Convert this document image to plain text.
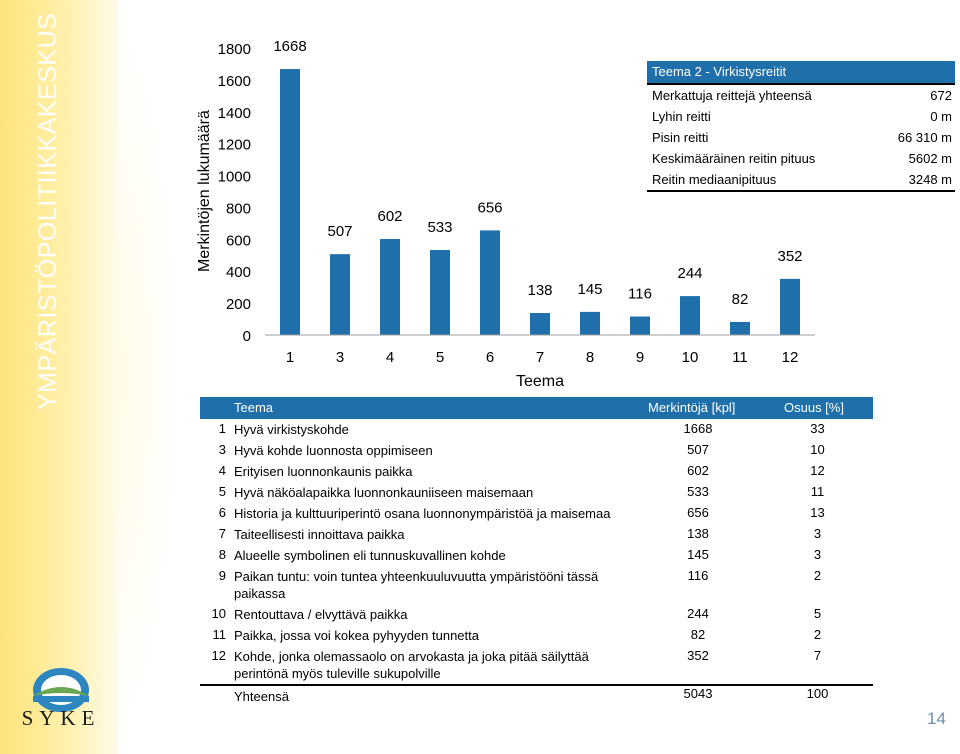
YMPÄRISTÖPOLITIIKKAKESKUS
SYKE
Merkintöjen lukumäärä
0
200
400
600
800
1000
1200
1400
1600
1800 1668
507
602
533
656
138 145 116
244
82
352
1	3	4	5	6	7	8	9 10 11 12
Teema
Teema 2 - Virkistysreitit
Merkattuja reittejä yhteensä	672
Lyhin reitti	0 m
Pisin reitti	66 310 m
Keskimääräinen reitin pituus	5602 m
Reitin mediaanipituus	3248 m
Teema	Merkintöjä [kpl]	Osuus [%]
1 Hyvä virkistyskohde	1668	33
3 Hyvä kohde luonnosta oppimiseen	507	10
4 Erityisen luonnonkaunis paikka	602	12
5 Hyvä näköalapaikka luonnonkauniiseen maisemaan	533	11
6 Historia ja kulttuuriperintö osana luonnonympäristöä ja maisemaa	656	13
7 Taiteellisesti innoittava paikka	138	3
8 Alueelle symbolinen eli tunnuskuvallinen kohde	145	3
9 Paikan tuntu: voin tuntea yhteenkuuluvuutta ympäristööni tässä paikassa
116	2
10 Rentouttava / elvyttävä paikka	244	5
11 Paikka, jossa voi kokea pyhyyden tunnetta	82	2
12 Kohde, jonka olemassaolo on arvokasta ja joka pitää säilyttää perintönä myös tuleville sukupolville
352	7
Yhteensä	5043	100
14
